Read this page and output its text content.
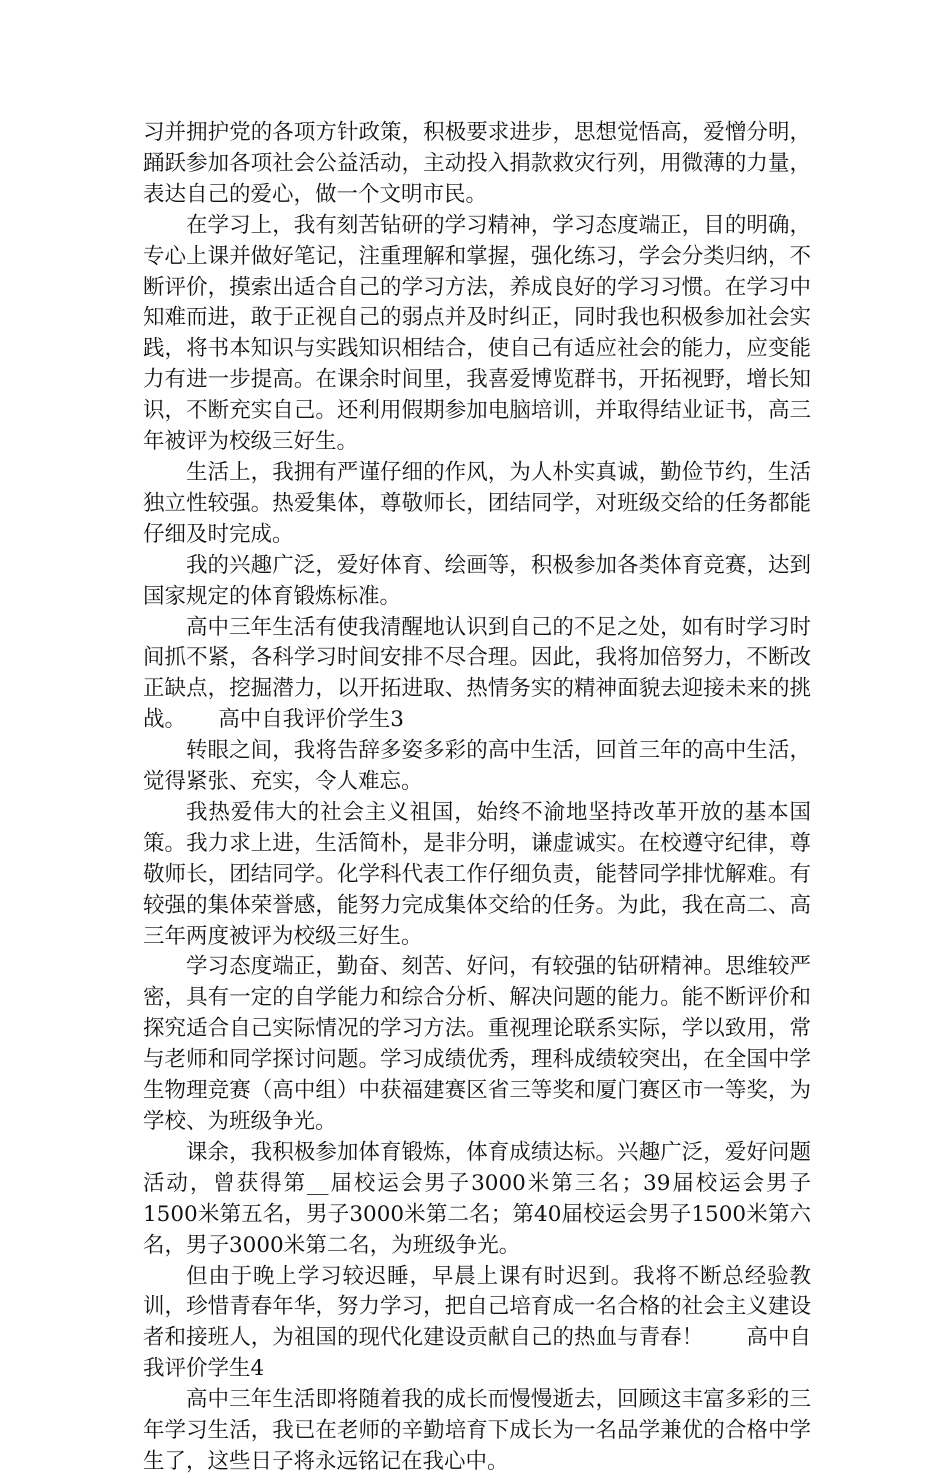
习并拥护党的各项方针政策，积极要求进步，思想觉悟高，爱憎分明，踊跃参加各项社会公益活动，主动投入捐款救灾行列，用微薄的力量，表达自己的爱心，做一个文明市民。

在学习上，我有刻苦钻研的学习精神，学习态度端正，目的明确，专心上课并做好笔记，注重理解和掌握，强化练习，学会分类归纳，不断评价，摸索出适合自己的学习方法，养成良好的学习习惯。在学习中知难而进，敢于正视自己的弱点并及时纠正，同时我也积极参加社会实践，将书本知识与实践知识相结合，使自己有适应社会的能力，应变能力有进一步提高。在课余时间里，我喜爱博览群书，开拓视野，增长知识，不断充实自己。还利用假期参加电脑培训，并取得结业证书，高三年被评为校级三好生。

生活上，我拥有严谨仔细的作风，为人朴实真诚，勤俭节约，生活独立性较强。热爱集体，尊敬师长，团结同学，对班级交给的任务都能仔细及时完成。

我的兴趣广泛，爱好体育、绘画等，积极参加各类体育竞赛，达到国家规定的体育锻炼标准。

高中三年生活有使我清醒地认识到自己的不足之处，如有时学习时间抓不紧，各科学习时间安排不尽合理。因此，我将加倍努力，不断改正缺点，挖掘潜力，以开拓进取、热情务实的精神面貌去迎接未来的挑战。　　高中自我评价学生3

转眼之间，我将告辞多姿多彩的高中生活，回首三年的高中生活，觉得紧张、充实，令人难忘。

我热爱伟大的社会主义祖国，始终不渝地坚持改革开放的基本国策。我力求上进，生活简朴，是非分明，谦虚诚实。在校遵守纪律，尊敬师长，团结同学。化学科代表工作仔细负责，能替同学排忧解难。有较强的集体荣誉感，能努力完成集体交给的任务。为此，我在高二、高三年两度被评为校级三好生。

学习态度端正，勤奋、刻苦、好问，有较强的钻研精神。思维较严密，具有一定的自学能力和综合分析、解决问题的能力。能不断评价和探究适合自己实际情况的学习方法。重视理论联系实际，学以致用，常与老师和同学探讨问题。学习成绩优秀，理科成绩较突出，在全国中学生物理竞赛（高中组）中获福建赛区省三等奖和厦门赛区市一等奖，为学校、为班级争光。

课余，我积极参加体育锻炼，体育成绩达标。兴趣广泛，爱好问题活动，曾获得第__届校运会男子3000米第三名；39届校运会男子1500米第五名，男子3000米第二名；第40届校运会男子1500米第六名，男子3000米第二名，为班级争光。

但由于晚上学习较迟睡，早晨上课有时迟到。我将不断总经验教训，珍惜青春年华，努力学习，把自己培育成一名合格的社会主义建设者和接班人，为祖国的现代化建设贡献自己的热血与青春！　　高中自我评价学生4

高中三年生活即将随着我的成长而慢慢逝去，回顾这丰富多彩的三年学习生活，我已在老师的辛勤培育下成长为一名品学兼优的合格中学生了，这些日子将永远铭记在我心中。
